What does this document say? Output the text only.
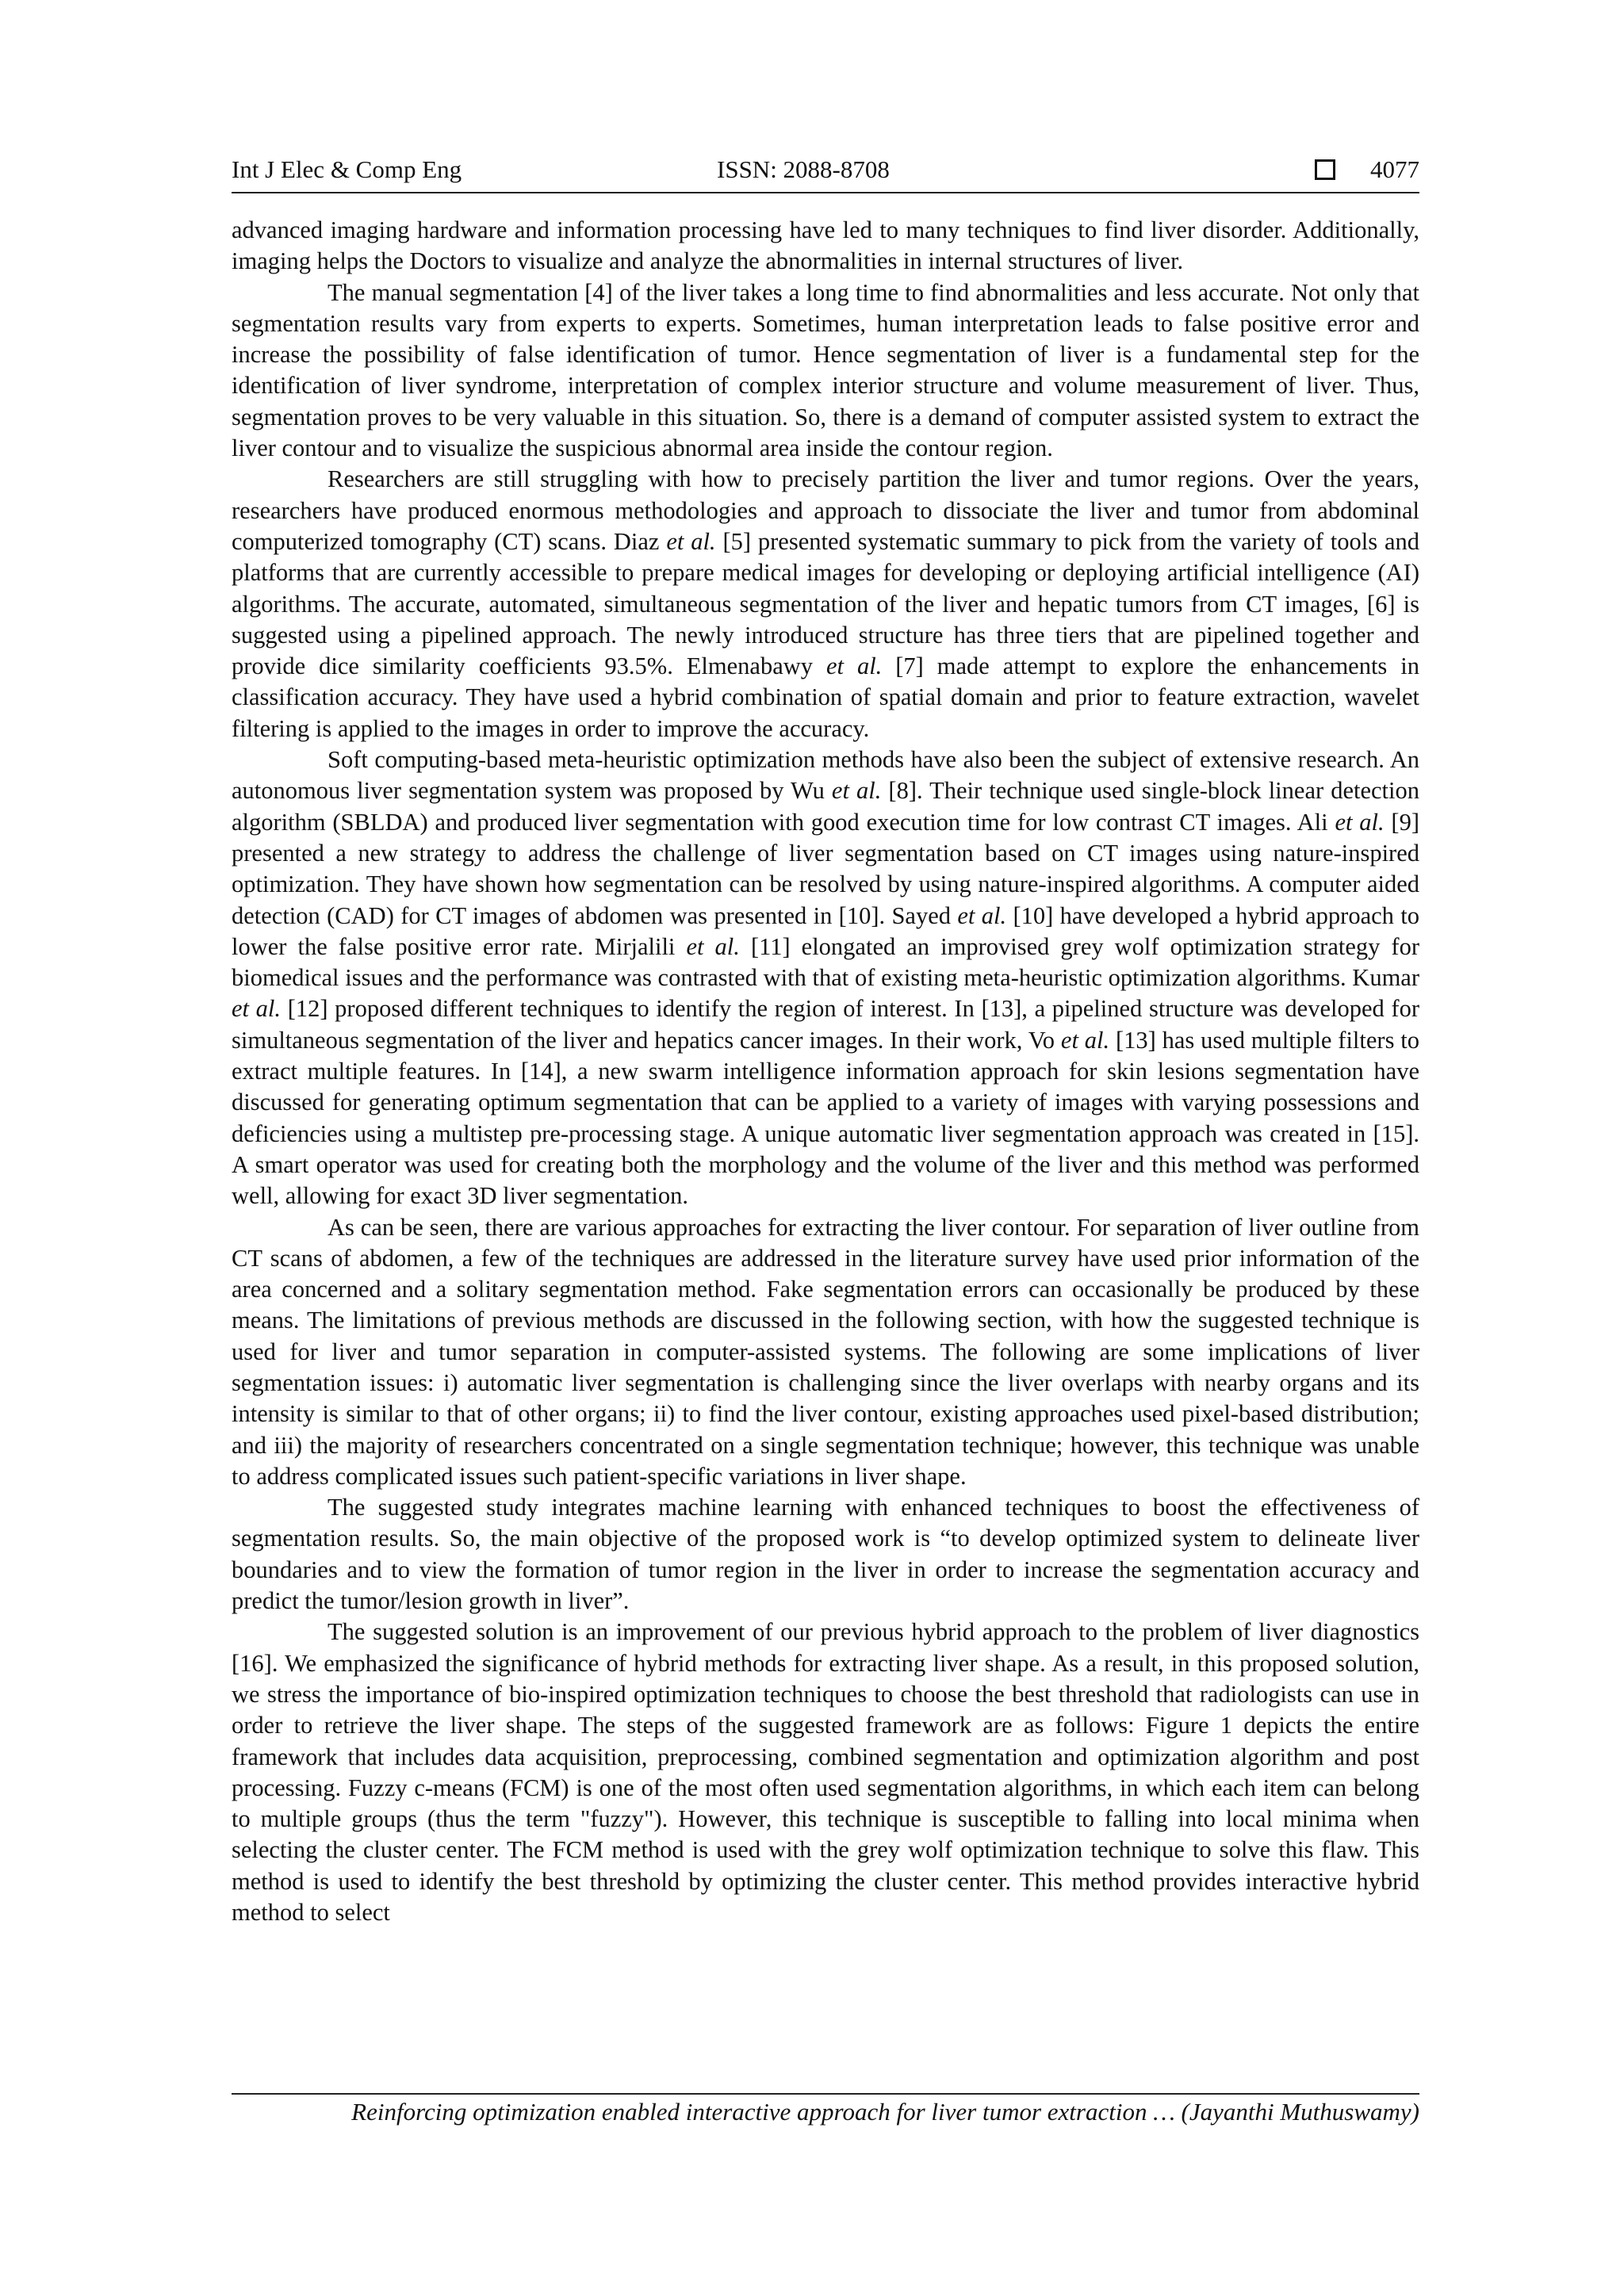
Int J Elec & Comp Eng	ISSN: 2088-8708	4077

advanced imaging hardware and information processing have led to many techniques to find liver disorder. Additionally, imaging helps the Doctors to visualize and analyze the abnormalities in internal structures of liver.

The manual segmentation [4] of the liver takes a long time to find abnormalities and less accurate. Not only that segmentation results vary from experts to experts. Sometimes, human interpretation leads to false positive error and increase the possibility of false identification of tumor. Hence segmentation of liver is a fundamental step for the identification of liver syndrome, interpretation of complex interior structure and volume measurement of liver. Thus, segmentation proves to be very valuable in this situation. So, there is a demand of computer assisted system to extract the liver contour and to visualize the suspicious abnormal area inside the contour region.

Researchers are still struggling with how to precisely partition the liver and tumor regions. Over the years, researchers have produced enormous methodologies and approach to dissociate the liver and tumor from abdominal computerized tomography (CT) scans. Diaz et al. [5] presented systematic summary to pick from the variety of tools and platforms that are currently accessible to prepare medical images for developing or deploying artificial intelligence (AI) algorithms. The accurate, automated, simultaneous segmentation of the liver and hepatic tumors from CT images, [6] is suggested using a pipelined approach. The newly introduced structure has three tiers that are pipelined together and provide dice similarity coefficients 93.5%. Elmenabawy et al. [7] made attempt to explore the enhancements in classification accuracy. They have used a hybrid combination of spatial domain and prior to feature extraction, wavelet filtering is applied to the images in order to improve the accuracy.

Soft computing-based meta-heuristic optimization methods have also been the subject of extensive research. An autonomous liver segmentation system was proposed by Wu et al. [8]. Their technique used single-block linear detection algorithm (SBLDA) and produced liver segmentation with good execution time for low contrast CT images. Ali et al. [9] presented a new strategy to address the challenge of liver segmentation based on CT images using nature-inspired optimization. They have shown how segmentation can be resolved by using nature-inspired algorithms. A computer aided detection (CAD) for CT images of abdomen was presented in [10]. Sayed et al. [10] have developed a hybrid approach to lower the false positive error rate. Mirjalili et al. [11] elongated an improvised grey wolf optimization strategy for biomedical issues and the performance was contrasted with that of existing meta-heuristic optimization algorithms. Kumar et al. [12] proposed different techniques to identify the region of interest. In [13], a pipelined structure was developed for simultaneous segmentation of the liver and hepatics cancer images. In their work, Vo et al. [13] has used multiple filters to extract multiple features. In [14], a new swarm intelligence information approach for skin lesions segmentation have discussed for generating optimum segmentation that can be applied to a variety of images with varying possessions and deficiencies using a multistep pre-processing stage. A unique automatic liver segmentation approach was created in [15]. A smart operator was used for creating both the morphology and the volume of the liver and this method was performed well, allowing for exact 3D liver segmentation.

As can be seen, there are various approaches for extracting the liver contour. For separation of liver outline from CT scans of abdomen, a few of the techniques are addressed in the literature survey have used prior information of the area concerned and a solitary segmentation method. Fake segmentation errors can occasionally be produced by these means. The limitations of previous methods are discussed in the following section, with how the suggested technique is used for liver and tumor separation in computer-assisted systems. The following are some implications of liver segmentation issues: i) automatic liver segmentation is challenging since the liver overlaps with nearby organs and its intensity is similar to that of other organs; ii) to find the liver contour, existing approaches used pixel-based distribution; and iii) the majority of researchers concentrated on a single segmentation technique; however, this technique was unable to address complicated issues such patient-specific variations in liver shape.

The suggested study integrates machine learning with enhanced techniques to boost the effectiveness of segmentation results. So, the main objective of the proposed work is “to develop optimized system to delineate liver boundaries and to view the formation of tumor region in the liver in order to increase the segmentation accuracy and predict the tumor/lesion growth in liver”.

The suggested solution is an improvement of our previous hybrid approach to the problem of liver diagnostics [16]. We emphasized the significance of hybrid methods for extracting liver shape. As a result, in this proposed solution, we stress the importance of bio-inspired optimization techniques to choose the best threshold that radiologists can use in order to retrieve the liver shape. The steps of the suggested framework are as follows: Figure 1 depicts the entire framework that includes data acquisition, preprocessing, combined segmentation and optimization algorithm and post processing. Fuzzy c-means (FCM) is one of the most often used segmentation algorithms, in which each item can belong to multiple groups (thus the term "fuzzy"). However, this technique is susceptible to falling into local minima when selecting the cluster center. The FCM method is used with the grey wolf optimization technique to solve this flaw. This method is used to identify the best threshold by optimizing the cluster center. This method provides interactive hybrid method to select

Reinforcing optimization enabled interactive approach for liver tumor extraction … (Jayanthi Muthuswamy)
